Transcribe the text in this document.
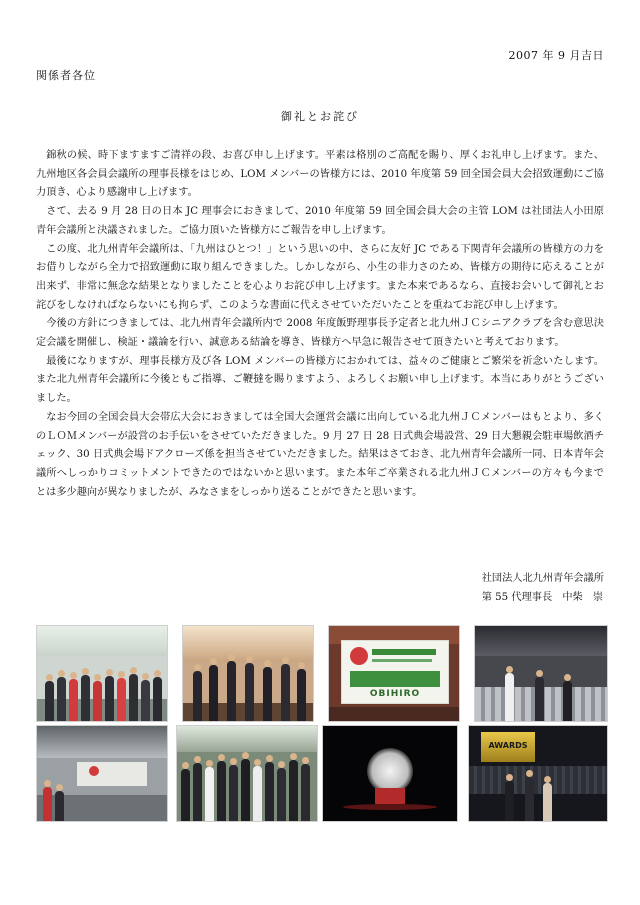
2007 年 9 月吉日
関係者各位
御礼とお詫び

錦秋の候、時下ますますご清祥の段、お喜び申し上げます。平素は格別のご高配を賜り、厚くお礼申し上げます。また、九州地区各会員会議所の理事長様をはじめ、LOM メンバーの皆様方には、2010 年度第 59 回全国会員大会招致運動にご協力頂き、心より感謝申し上げます。

さて、去る 9 月 28 日の日本 JC 理事会におきまして、2010 年度第 59 回全国会員大会の主管 LOM は社団法人小田原青年会議所と決議されました。ご協力頂いた皆様方にご報告を申し上げます。

この度、北九州青年会議所は、「九州はひとつ！」という思いの中、さらに友好 JC である下関青年会議所の皆様方の力をお借りしながら全力で招致運動に取り組んできました。しかしながら、小生の非力さのため、皆様方の期待に応えることが出来ず、非常に無念な結果となりましたことを心よりお詫び申し上げます。また本来であるなら、直接お会いして御礼とお詫びをしなければならないにも拘らず、このような書面に代えさせていただいたことを重ねてお詫び申し上げます。

今後の方針につきましては、北九州青年会議所内で 2008 年度飯野理事長予定者と北九州ＪＣシニアクラブを含む意思決定会議を開催し、検証・議論を行い、誠意ある結論を導き、皆様方へ早急に報告させて頂きたいと考えております。

最後になりますが、理事長様方及び各 LOM メンバーの皆様方におかれては、益々のご健康とご繁栄を祈念いたします。また北九州青年会議所に今後ともご指導、ご鞭撻を賜りますよう、よろしくお願い申し上げます。本当にありがとうございました。

なお今回の全国会員大会帯広大会におきましては全国大会運営会議に出向している北九州ＪＣメンバーはもとより、多くのＬＯＭメンバーが設営のお手伝いをさせていただきました。9 月 27 日 28 日式典会場設営、29 日大懇親会駐車場飲酒チェック、30 日式典会場ドアクローズ係を担当させていただきました。結果はさておき、北九州青年会議所一同、日本青年会議所へしっかりコミットメントできたのではないかと思います。また本年ご卒業される北九州ＪＣメンバーの方々も今までとは多少趣向が異なりましたが、みなさまをしっかり送ることができたと思います。

社団法人北九州青年会議所
第 55 代理事長　中柴　崇
OBIHIRO
AWARDS
